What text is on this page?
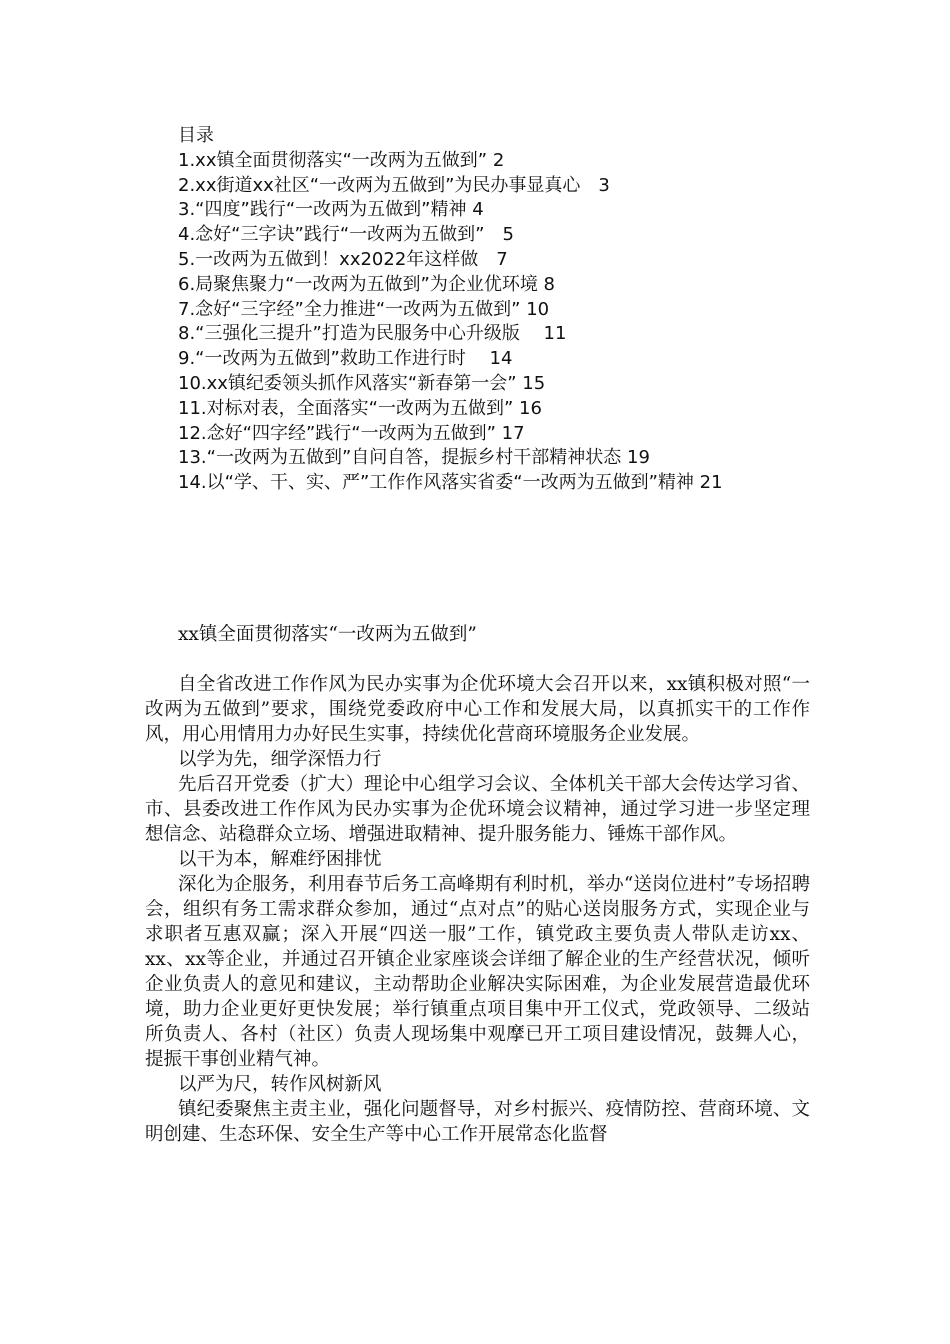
目录
1.xx镇全面贯彻落实“一改两为五做到” 2
2.xx街道xx社区“一改两为五做到”为民办事显真心　3
3.“四度”践行“一改两为五做到”精神 4
4.念好“三字诀”践行“一改两为五做到”　5
5.一改两为五做到！xx2022年这样做　7
6.局聚焦聚力“一改两为五做到”为企业优环境 8
7.念好“三字经”全力推进“一改两为五做到” 10
8.“三强化三提升”打造为民服务中心升级版　 11
9.“一改两为五做到”救助工作进行时　 14
10.xx镇纪委领头抓作风落实“新春第一会” 15
11.对标对表，全面落实“一改两为五做到” 16
12.念好“四字经”践行“一改两为五做到” 17
13.“一改两为五做到”自问自答，提振乡村干部精神状态 19
14.以“学、干、实、严”工作作风落实省委“一改两为五做到”精神 21
xx镇全面贯彻落实“一改两为五做到”

自全省改进工作作风为民办实事为企优环境大会召开以来，xx镇积极对照“一改两为五做到”要求，围绕党委政府中心工作和发展大局，以真抓实干的工作作风，用心用情用力办好民生实事，持续优化营商环境服务企业发展。

以学为先，细学深悟力行

先后召开党委（扩大）理论中心组学习会议、全体机关干部大会传达学习省、市、县委改进工作作风为民办实事为企优环境会议精神，通过学习进一步坚定理想信念、站稳群众立场、增强进取精神、提升服务能力、锤炼干部作风。

以干为本，解难纾困排忧

深化为企服务，利用春节后务工高峰期有利时机，举办“送岗位进村”专场招聘会，组织有务工需求群众参加，通过“点对点”的贴心送岗服务方式，实现企业与求职者互惠双赢；深入开展“四送一服”工作，镇党政主要负责人带队走访xx、xx、xx等企业，并通过召开镇企业家座谈会详细了解企业的生产经营状况，倾听企业负责人的意见和建议，主动帮助企业解决实际困难，为企业发展营造最优环境，助力企业更好更快发展；举行镇重点项目集中开工仪式，党政领导、二级站所负责人、各村（社区）负责人现场集中观摩已开工项目建设情况，鼓舞人心，提振干事创业精气神。

以严为尺，转作风树新风

镇纪委聚焦主责主业，强化问题督导，对乡村振兴、疫情防控、营商环境、文明创建、生态环保、安全生产等中心工作开展常态化监督
